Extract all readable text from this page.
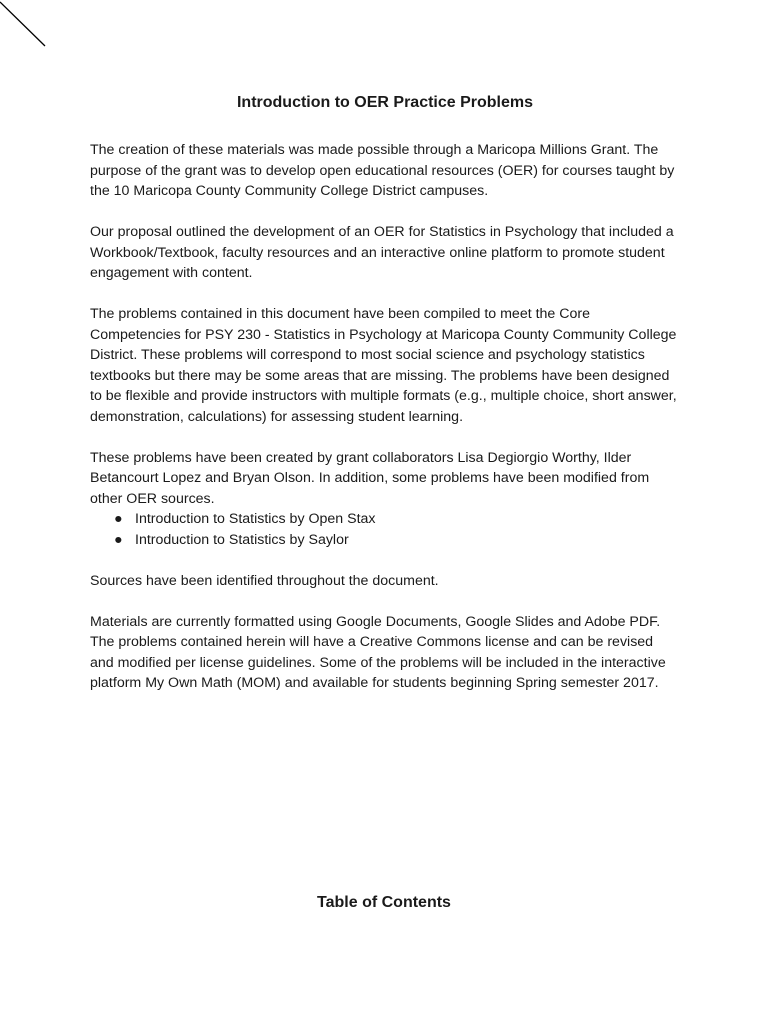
Introduction to OER Practice Problems

The creation of these materials was made possible through a Maricopa Millions Grant. The purpose of the grant was to develop open educational resources (OER) for courses taught by the 10 Maricopa County Community College District campuses.

Our proposal outlined the development of an OER for Statistics in Psychology that included a Workbook/Textbook, faculty resources and an interactive online platform to promote student engagement with content.

The problems contained in this document have been compiled to meet the Core Competencies for PSY 230 - Statistics in Psychology at Maricopa County Community College District. These problems will correspond to most social science and psychology statistics textbooks but there may be some areas that are missing. The problems have been designed to be flexible and provide instructors with multiple formats (e.g., multiple choice, short answer, demonstration, calculations) for assessing student learning.

These problems have been created by grant collaborators Lisa Degiorgio Worthy, Ilder Betancourt Lopez and Bryan Olson. In addition, some problems have been modified from other OER sources.

● Introduction to Statistics by Open Stax
● Introduction to Statistics by Saylor

Sources have been identified throughout the document.

Materials are currently formatted using Google Documents, Google Slides and Adobe PDF. The problems contained herein will have a Creative Commons license and can be revised and modified per license guidelines. Some of the problems will be included in the interactive platform My Own Math (MOM) and available for students beginning Spring semester 2017.

Table of Contents
